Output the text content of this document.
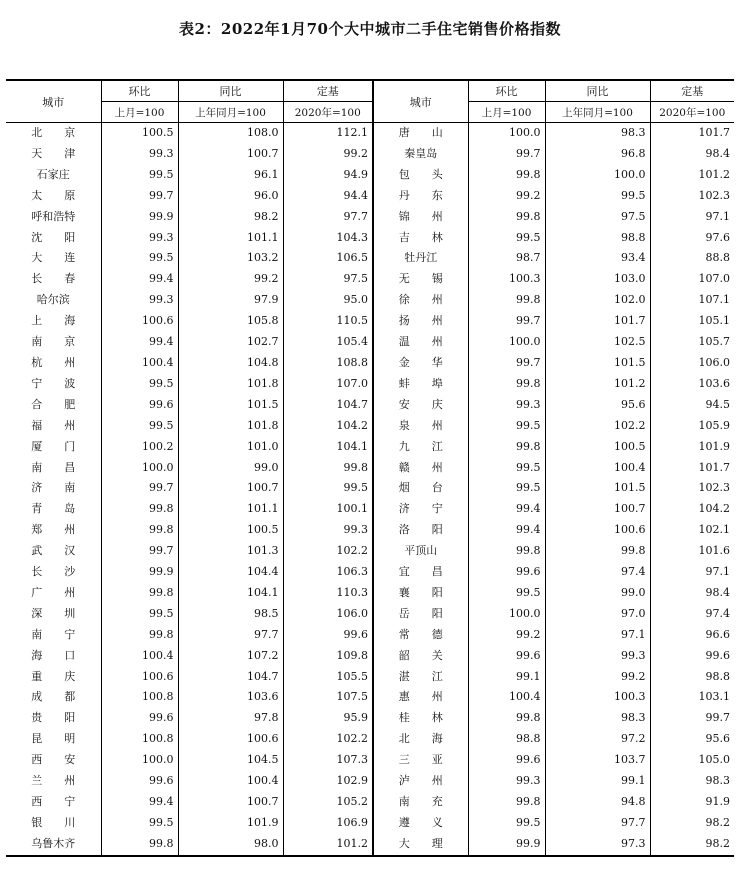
表2：2022年1月70个大中城市二手住宅销售价格指数
城市	环比	同比	定基	城市	环比	同比	定基
	上月=100	上年同月=100	2020年=100		上月=100	上年同月=100	2020年=100
北　　京	100.5	108.0	112.1	唐　　山	100.0	98.3	101.7
天　　津	99.3	100.7	99.2	秦皇岛	99.7	96.8	98.4
石家庄	99.5	96.1	94.9	包　　头	99.8	100.0	101.2
太　　原	99.7	96.0	94.4	丹　　东	99.2	99.5	102.3
呼和浩特	99.9	98.2	97.7	锦　　州	99.8	97.5	97.1
沈　　阳	99.3	101.1	104.3	吉　　林	99.5	98.8	97.6
大　　连	99.5	103.2	106.5	牡丹江	98.7	93.4	88.8
长　　春	99.4	99.2	97.5	无　　锡	100.3	103.0	107.0
哈尔滨	99.3	97.9	95.0	徐　　州	99.8	102.0	107.1
上　　海	100.6	105.8	110.5	扬　　州	99.7	101.7	105.1
南　　京	99.4	102.7	105.4	温　　州	100.0	102.5	105.7
杭　　州	100.4	104.8	108.8	金　　华	99.7	101.5	106.0
宁　　波	99.5	101.8	107.0	蚌　　埠	99.8	101.2	103.6
合　　肥	99.6	101.5	104.7	安　　庆	99.3	95.6	94.5
福　　州	99.5	101.8	104.2	泉　　州	99.5	102.2	105.9
厦　　门	100.2	101.0	104.1	九　　江	99.8	100.5	101.9
南　　昌	100.0	99.0	99.8	赣　　州	99.5	100.4	101.7
济　　南	99.7	100.7	99.5	烟　　台	99.5	101.5	102.3
青　　岛	99.8	101.1	100.1	济　　宁	99.4	100.7	104.2
郑　　州	99.8	100.5	99.3	洛　　阳	99.4	100.6	102.1
武　　汉	99.7	101.3	102.2	平顶山	99.8	99.8	101.6
长　　沙	99.9	104.4	106.3	宜　　昌	99.6	97.4	97.1
广　　州	99.8	104.1	110.3	襄　　阳	99.5	99.0	98.4
深　　圳	99.5	98.5	106.0	岳　　阳	100.0	97.0	97.4
南　　宁	99.8	97.7	99.6	常　　德	99.2	97.1	96.6
海　　口	100.4	107.2	109.8	韶　　关	99.6	99.3	99.6
重　　庆	100.6	104.7	105.5	湛　　江	99.1	99.2	98.8
成　　都	100.8	103.6	107.5	惠　　州	100.4	100.3	103.1
贵　　阳	99.6	97.8	95.9	桂　　林	99.8	98.3	99.7
昆　　明	100.8	100.6	102.2	北　　海	98.8	97.2	95.6
西　　安	100.0	104.5	107.3	三　　亚	99.6	103.7	105.0
兰　　州	99.6	100.4	102.9	泸　　州	99.3	99.1	98.3
西　　宁	99.4	100.7	105.2	南　　充	99.8	94.8	91.9
银　　川	99.5	101.9	106.9	遵　　义	99.5	97.7	98.2
乌鲁木齐	99.8	98.0	101.2	大　　理	99.9	97.3	98.2
